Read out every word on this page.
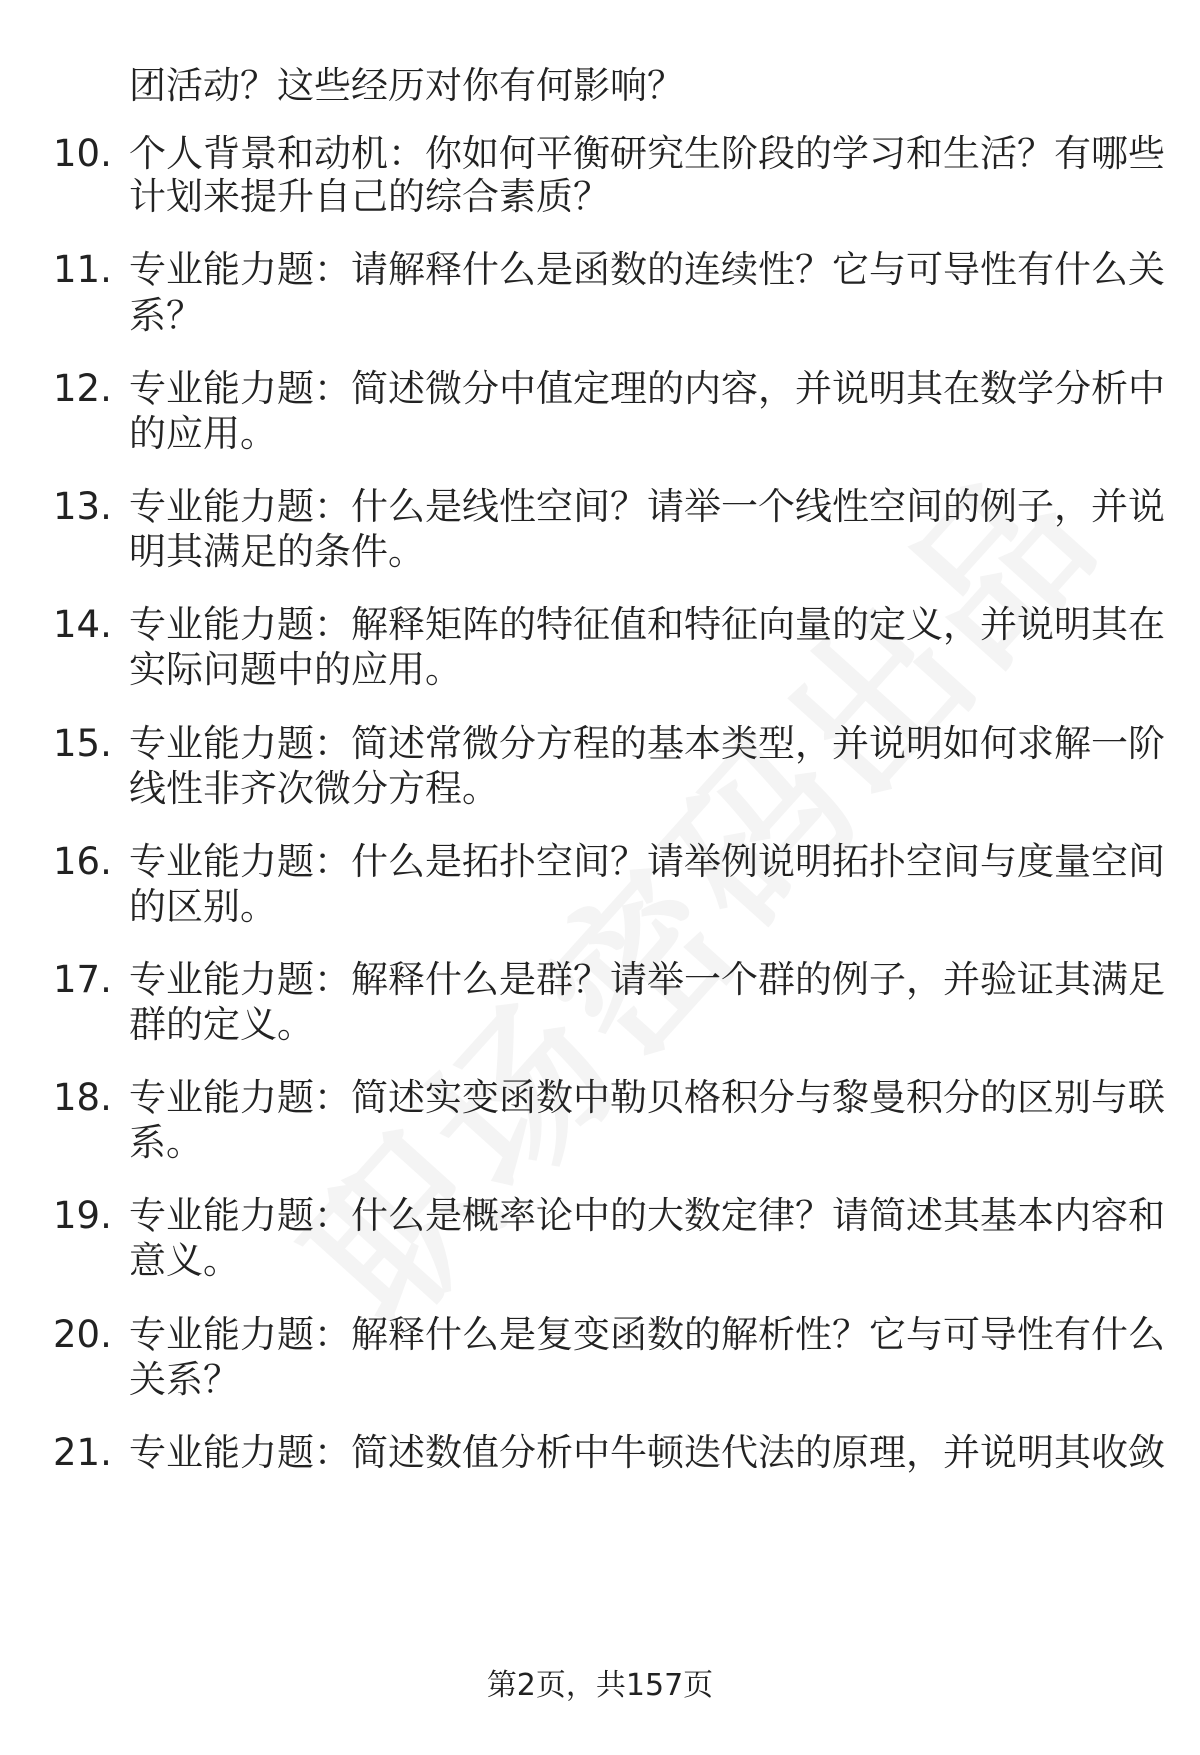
团活动？这些经历对你有何影响？
10. 个人背景和动机：你如何平衡研究生阶段的学习和生活？有哪些
计划来提升自己的综合素质？
11. 专业能力题：请解释什么是函数的连续性？它与可导性有什么关
系？
12. 专业能力题：简述微分中值定理的内容，并说明其在数学分析中
的应用。
13. 专业能力题：什么是线性空间？请举一个线性空间的例子，并说
明其满足的条件。
14. 专业能力题：解释矩阵的特征值和特征向量的定义，并说明其在
实际问题中的应用。
15. 专业能力题：简述常微分方程的基本类型，并说明如何求解一阶
线性非齐次微分方程。
16. 专业能力题：什么是拓扑空间？请举例说明拓扑空间与度量空间
的区别。
17. 专业能力题：解释什么是群？请举一个群的例子，并验证其满足
群的定义。
18. 专业能力题：简述实变函数中勒贝格积分与黎曼积分的区别与联
系。
19. 专业能力题：什么是概率论中的大数定律？请简述其基本内容和
意义。
20. 专业能力题：解释什么是复变函数的解析性？它与可导性有什么
关系？
21. 专业能力题：简述数值分析中牛顿迭代法的原理，并说明其收敛
第2页，共157页
